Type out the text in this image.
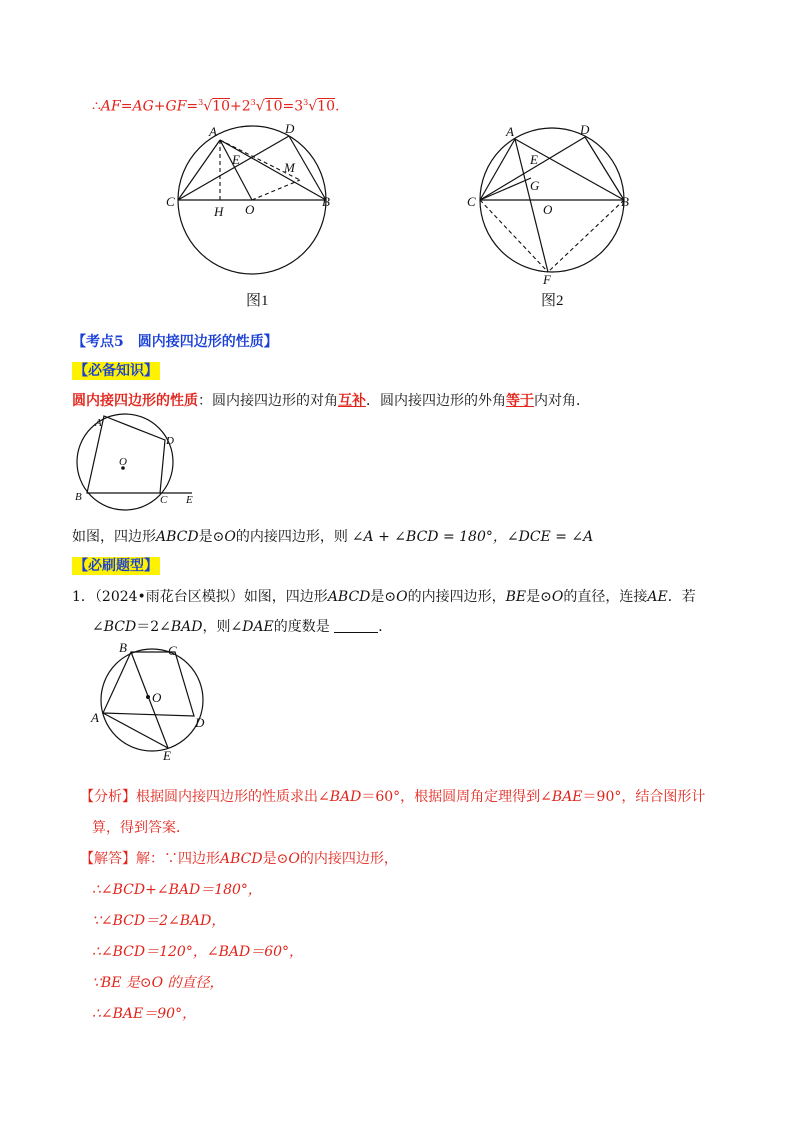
$\therefore AF=AG+GF=^3√10+2^3√10=3^3√10$.
A	D
E
M
C
H O
B
图1
A	D
E
G
C
O
B
F
图2
【考点5　圆内接四边形的性质】
【必备知识】
圆内接四边形的性质：圆内接四边形的对角互补．圆内接四边形的外角等于内对角．
A
D
O
B	C E
如图，四边形ABCD是⊙O的内接四边形，则 ∠A + ∠BCD = 180°，∠DCE = ∠A
【必刷题型】
1．（2024•雨花台区模拟）如图，四边形ABCD是⊙O的内接四边形，BE是⊙O的直径，连接AE．若
∠BCD＝2∠BAD，则∠DAE的度数是	．
B	C
O
A	D
E
【分析】根据圆内接四边形的性质求出∠BAD＝60°，根据圆周角定理得到∠BAE＝90°，结合图形计
算，得到答案．
【解答】解：∵四边形ABCD是⊙O的内接四边形，
∴∠BCD+∠BAD＝180°，
∵∠BCD＝2∠BAD，
∴∠BCD＝120°，∠BAD＝60°，
∵BE 是⊙O 的直径，
∴∠BAE＝90°，
